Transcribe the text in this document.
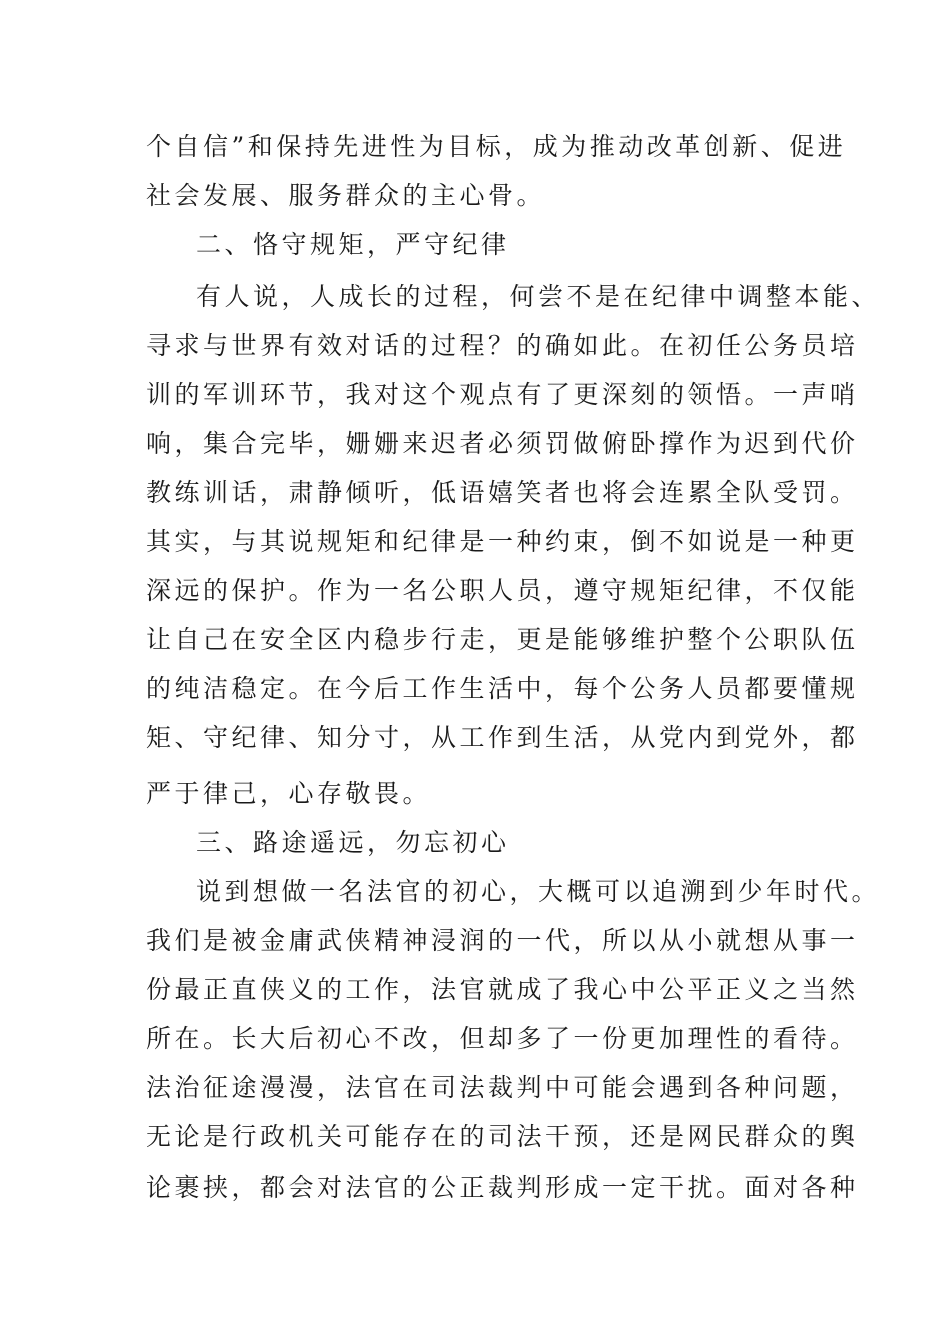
个自信”和保持先进性为目标，成为推动改革创新、促进
社会发展、服务群众的主心骨。
二、恪守规矩，严守纪律
有人说，人成长的过程，何尝不是在纪律中调整本能、
寻求与世界有效对话的过程？的确如此。在初任公务员培
训的军训环节，我对这个观点有了更深刻的领悟。一声哨
响，集合完毕，姗姗来迟者必须罚做俯卧撑作为迟到代价
教练训话，肃静倾听，低语嬉笑者也将会连累全队受罚。
其实，与其说规矩和纪律是一种约束，倒不如说是一种更
深远的保护。作为一名公职人员，遵守规矩纪律，不仅能
让自己在安全区内稳步行走，更是能够维护整个公职队伍
的纯洁稳定。在今后工作生活中，每个公务人员都要懂规
矩、守纪律、知分寸，从工作到生活，从党内到党外，都
严于律己，心存敬畏。
三、路途遥远，勿忘初心
说到想做一名法官的初心，大概可以追溯到少年时代。
我们是被金庸武侠精神浸润的一代，所以从小就想从事一
份最正直侠义的工作，法官就成了我心中公平正义之当然
所在。长大后初心不改，但却多了一份更加理性的看待。
法治征途漫漫，法官在司法裁判中可能会遇到各种问题，
无论是行政机关可能存在的司法干预，还是网民群众的舆
论裹挟，都会对法官的公正裁判形成一定干扰。面对各种
